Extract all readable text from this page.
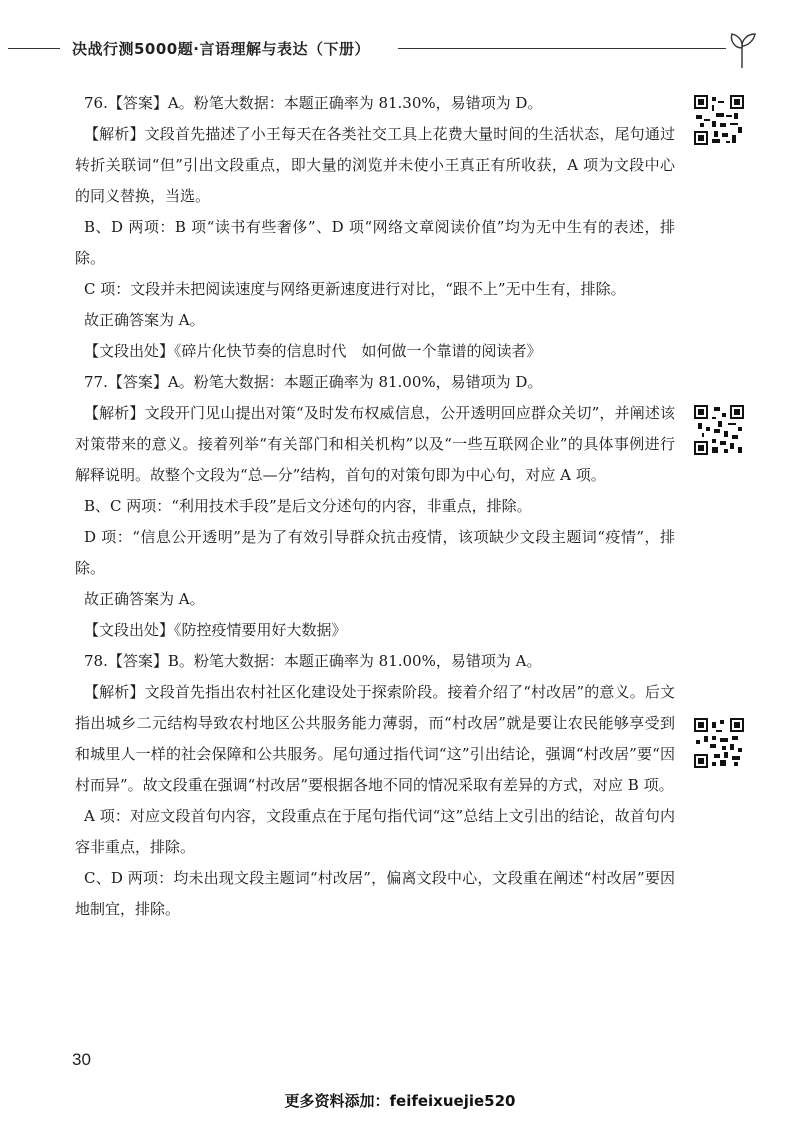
决战行测5000题·言语理解与表达（下册）

76.【答案】A。粉笔大数据：本题正确率为 81.30%，易错项为 D。

【解析】文段首先描述了小王每天在各类社交工具上花费大量时间的生活状态，尾句通过转折关联词“但”引出文段重点，即大量的浏览并未使小王真正有所收获，A 项为文段中心的同义替换，当选。

B、D 两项：B 项“读书有些奢侈”、D 项“网络文章阅读价值”均为无中生有的表述，排除。

C 项：文段并未把阅读速度与网络更新速度进行对比，“跟不上”无中生有，排除。

故正确答案为 A。

【文段出处】《碎片化快节奏的信息时代　如何做一个靠谱的阅读者》

77.【答案】A。粉笔大数据：本题正确率为 81.00%，易错项为 D。

【解析】文段开门见山提出对策“及时发布权威信息，公开透明回应群众关切”，并阐述该对策带来的意义。接着列举“有关部门和相关机构”以及“一些互联网企业”的具体事例进行解释说明。故整个文段为“总—分”结构，首句的对策句即为中心句，对应 A 项。

B、C 两项：“利用技术手段”是后文分述句的内容，非重点，排除。

D 项：“信息公开透明”是为了有效引导群众抗击疫情，该项缺少文段主题词“疫情”，排除。

故正确答案为 A。

【文段出处】《防控疫情要用好大数据》

78.【答案】B。粉笔大数据：本题正确率为 81.00%，易错项为 A。

【解析】文段首先指出农村社区化建设处于探索阶段。接着介绍了“村改居”的意义。后文指出城乡二元结构导致农村地区公共服务能力薄弱，而“村改居”就是要让农民能够享受到和城里人一样的社会保障和公共服务。尾句通过指代词“这”引出结论，强调“村改居”要“因村而异”。故文段重在强调“村改居”要根据各地不同的情况采取有差异的方式，对应 B 项。

A 项：对应文段首句内容，文段重点在于尾句指代词“这”总结上文引出的结论，故首句内容非重点，排除。

C、D 两项：均未出现文段主题词“村改居”，偏离文段中心，文段重在阐述“村改居”要因地制宜，排除。

30
更多资料添加：feifeixuejie520
